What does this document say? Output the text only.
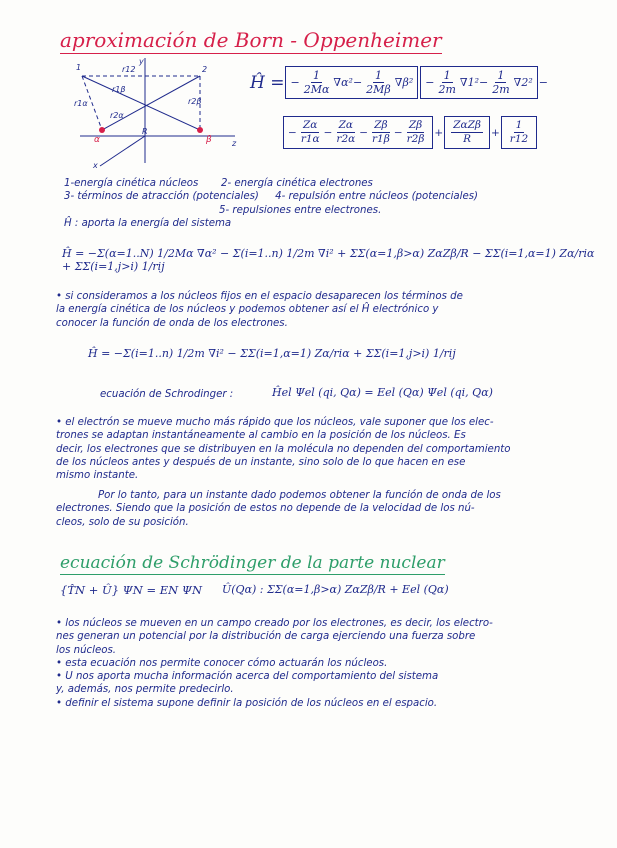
aproximación de Born - Oppenheimer
1	2
y
z
x
r12
r1β
r1α	r2β
r2α
R
α	β
Ĥ = − $\frac{1}{2M\alpha} \nabla\alpha^2 - \frac{1}{2M\beta} \nabla\beta^2$	− $\frac{1}{2m} \nabla 1^2 - \frac{1}{2m} \nabla 2^2$ −
− $\frac{Z\alpha}{r1\alpha} - \frac{Z\alpha}{r2\alpha} - \frac{Z\beta}{r1\beta} - \frac{Z\beta}{r2\beta} + \frac{\text{ZαZβ}}{R} + \frac{1}{r12}$
1-energía cinética núcleos 2- energía cinética electrones
3- términos de atracción (potenciales) 4- repulsión entre núcleos (potenciales)
5- repulsiones entre electrones.
Ĥ : aporta la energía del sistema
Ĥ = −Σ(α=1..N) 1/2Mα ∇α² − Σ(i=1..n) 1/2m ∇i² + ΣΣ(α=1,β>α) ZαZβ/R − ΣΣ(i=1,α=1) Zα/riα + ΣΣ(i=1,j>i) 1/rij
• si consideramos a los núcleos fijos en el espacio desaparecen los términos de
la energía cinética de los núcleos y podemos obtener así el Ĥ electrónico y
conocer la función de onda de los electrones.
Ĥ = −Σ(i=1..n) 1/2m ∇i² − ΣΣ(i=1,α=1) Zα/riα + ΣΣ(i=1,j>i) 1/rij
ecuación de Schrodinger :	Ĥel Ψel (qi, Qα) = Eel (Qα) Ψel (qi, Qα)
• el electrón se mueve mucho más rápido que los núcleos, vale suponer que los elec-
trones se adaptan instantáneamente al cambio en la posición de los núcleos. Es
decir, los electrones que se distribuyen en la molécula no dependen del comportamiento
de los núcleos antes y después de un instante, sino solo de lo que hacen en ese
mismo instante.
Por lo tanto, para un instante dado podemos obtener la función de onda de los
electrones. Siendo que la posición de estos no depende de la velocidad de los nú-
cleos, solo de su posición.
ecuación de Schrödinger de la parte nuclear
{T̂N + Û} ΨN = EN ΨN Û(Qα) : ΣΣ(α=1,β>α) ZαZβ/R + Eel (Qα)
• los núcleos se mueven en un campo creado por los electrones, es decir, los electro-
nes generan un potencial por la distribución de carga ejerciendo una fuerza sobre
los núcleos.
• esta ecuación nos permite conocer cómo actuarán los núcleos.
• U nos aporta mucha información acerca del comportamiento del sistema
y, además, nos permite predecirlo.
• definir el sistema supone definir la posición de los núcleos en el espacio.
